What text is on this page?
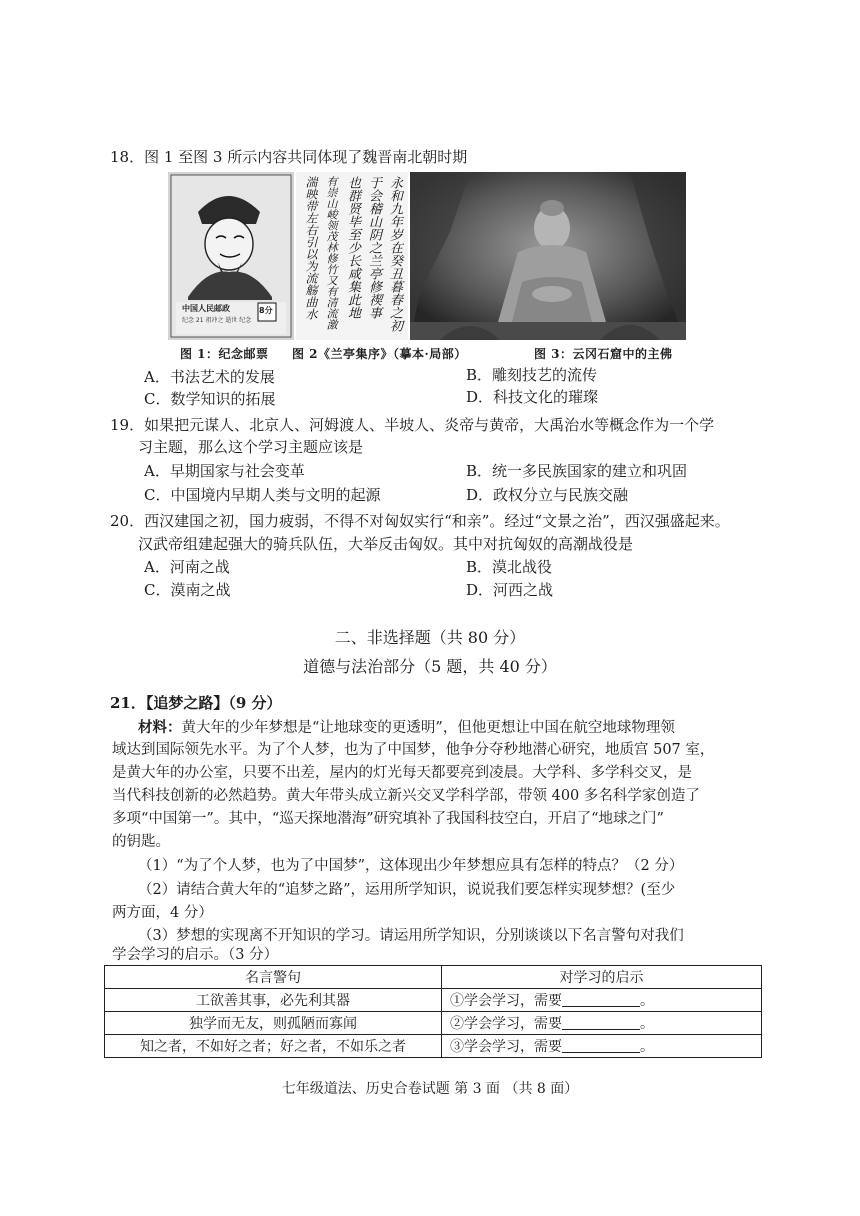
18．图 1 至图 3 所示内容共同体现了魏晋南北朝时期
中国人民邮政	8分
纪念 21 祖冲之 逝世 纪念	永和九年岁在癸丑暮春之初
于会稽山阴之兰亭修禊事
也群贤毕至少长咸集此地
有崇山峻领茂林修竹又有清流激
湍映带左右引以为流觞曲水
图 1：纪念邮票 图 2《兰亭集序》（摹本·局部）	图 3：云冈石窟中的主佛
A．书法艺术的发展	B．雕刻技艺的流传
C．数学知识的拓展	D．科技文化的璀璨
19．如果把元谋人、北京人、河姆渡人、半坡人、炎帝与黄帝，大禹治水等概念作为一个学
习主题，那么这个学习主题应该是
A．早期国家与社会变革	B．统一多民族国家的建立和巩固
C．中国境内早期人类与文明的起源	D．政权分立与民族交融
20．西汉建国之初，国力疲弱，不得不对匈奴实行“和亲”。经过“文景之治”，西汉强盛起来。
汉武帝组建起强大的骑兵队伍，大举反击匈奴。其中对抗匈奴的高潮战役是
A．河南之战	B．漠北战役
C．漠南之战	D．河西之战
二、非选择题（共 80 分）
道德与法治部分（5 题，共 40 分）
21．【追梦之路】（9 分）
材料：黄大年的少年梦想是“让地球变的更透明”，但他更想让中国在航空地球物理领
域达到国际领先水平。为了个人梦，也为了中国梦，他争分夺秒地潜心研究，地质宫 507 室，
是黄大年的办公室，只要不出差，屋内的灯光每天都要亮到凌晨。大学科、多学科交叉，是
当代科技创新的必然趋势。黄大年带头成立新兴交叉学科学部，带领 400 多名科学家创造了
多项“中国第一”。其中，“巡天探地潜海”研究填补了我国科技空白，开启了“地球之门”
的钥匙。
（1）“为了个人梦，也为了中国梦”，这体现出少年梦想应具有怎样的特点？（2 分）
（2）请结合黄大年的“追梦之路”，运用所学知识，说说我们要怎样实现梦想？(至少
两方面，4 分）
（3）梦想的实现离不开知识的学习。请运用所学知识，分别谈谈以下名言警句对我们
学会学习的启示。（3 分）
名言警句	对学习的启示
工欲善其事，必先利其器	①学会学习，需要 。
独学而无友，则孤陋而寡闻	②学会学习，需要 。
知之者，不如好之者；好之者，不如乐之者	③学会学习，需要 。
七年级道法、历史合卷试题 第 3 面 （共 8 面）
